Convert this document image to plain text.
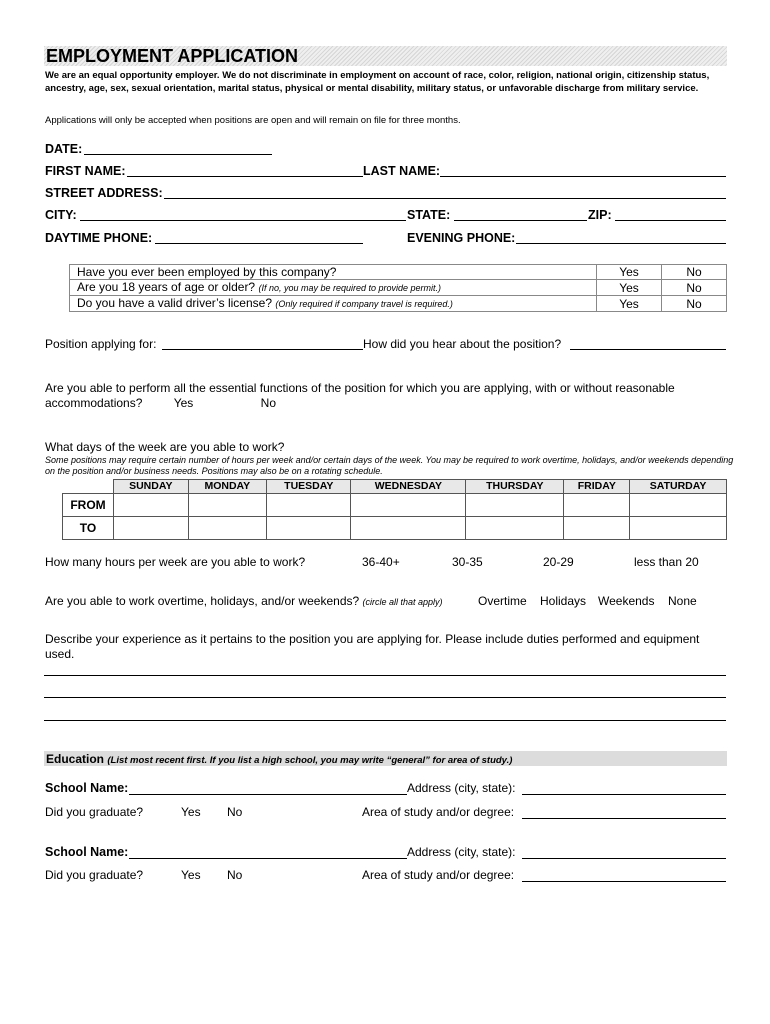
EMPLOYMENT APPLICATION
We are an equal opportunity employer. We do not discriminate in employment on account of race, color, religion, national origin, citizenship status, ancestry, age, sex, sexual orientation, marital status, physical or mental disability, military status, or unfavorable discharge from military service.
Applications will only be accepted when positions are open and will remain on file for three months.
DATE:
FIRST NAME:	LAST NAME:
STREET ADDRESS:
CITY:	STATE:	ZIP:
DAYTIME PHONE:	EVENING PHONE:
Have you ever been employed by this company?	Yes	No
Are you 18 years of age or older? (If no, you may be required to provide permit.)	Yes	No
Do you have a valid driver’s license? (Only required if company travel is required.)	Yes	No
Position applying for:	How did you hear about the position?
Are you able to perform all the essential functions of the position for which you are applying, with or without reasonable accommodations?	Yes	No
What days of the week are you able to work?
Some positions may require certain number of hours per week and/or certain days of the week. You may be required to work overtime, holidays, and/or weekends depending on the position and/or business needs. Positions may also be on a rotating schedule.
	SUNDAY	MONDAY	TUESDAY	WEDNESDAY	THURSDAY	FRIDAY	SATURDAY
FROM							
TO							
How many hours per week are you able to work?	36-40+	30-35	20-29	less than 20
Are you able to work overtime, holidays, and/or weekends? (circle all that apply)	Overtime Holidays Weekends None
Describe your experience as it pertains to the position you are applying for. Please include duties performed and equipment used.
Education (List most recent first. If you list a high school, you may write “general” for area of study.)
School Name:	Address (city, state):
Did you graduate?	Yes No	Area of study and/or degree:
School Name:	Address (city, state):
Did you graduate?	Yes No	Area of study and/or degree:
